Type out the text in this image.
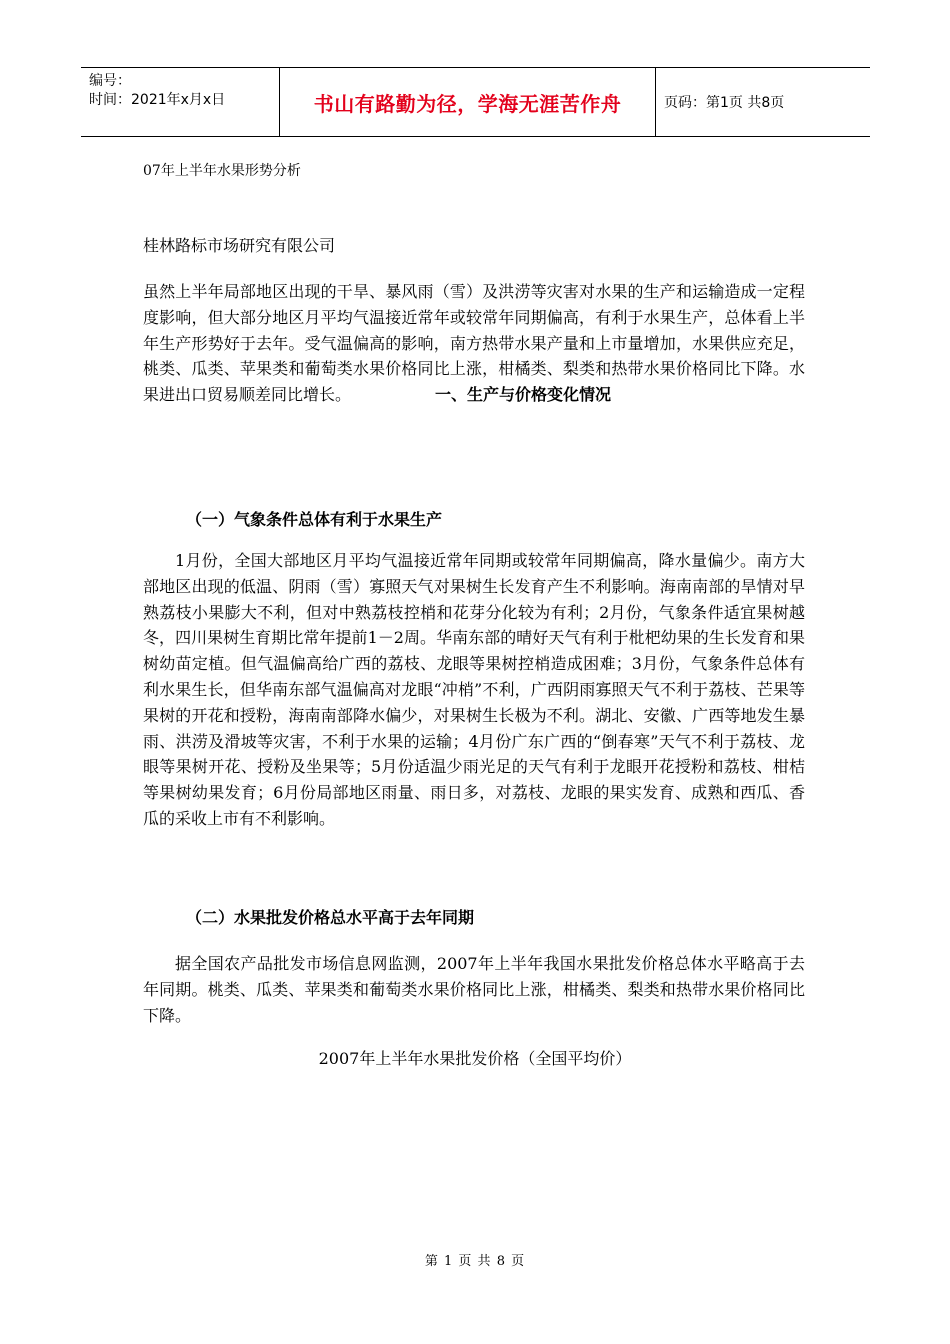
编号：
时间：2021年x月x日	书山有路勤为径，学海无涯苦作舟	页码：第1页 共8页
07年上半年水果形势分析
桂林路标市场研究有限公司

虽然上半年局部地区出现的干旱、暴风雨（雪）及洪涝等灾害对水果的生产和运输造成一定程度影响，但大部分地区月平均气温接近常年或较常年同期偏高，有利于水果生产，总体看上半年生产形势好于去年。受气温偏高的影响，南方热带水果产量和上市量增加，水果供应充足，桃类、瓜类、苹果类和葡萄类水果价格同比上涨，柑橘类、梨类和热带水果价格同比下降。水果进出口贸易顺差同比增长。	一、生产与价格变化情况

（一）气象条件总体有利于水果生产

1月份，全国大部地区月平均气温接近常年同期或较常年同期偏高，降水量偏少。南方大部地区出现的低温、阴雨（雪）寡照天气对果树生长发育产生不利影响。海南南部的旱情对早熟荔枝小果膨大不利，但对中熟荔枝控梢和花芽分化较为有利；2月份，气象条件适宜果树越冬，四川果树生育期比常年提前1－2周。华南东部的晴好天气有利于枇杷幼果的生长发育和果树幼苗定植。但气温偏高给广西的荔枝、龙眼等果树控梢造成困难；3月份，气象条件总体有利水果生长，但华南东部气温偏高对龙眼“冲梢”不利，广西阴雨寡照天气不利于荔枝、芒果等果树的开花和授粉，海南南部降水偏少，对果树生长极为不利。湖北、安徽、广西等地发生暴雨、洪涝及滑坡等灾害，不利于水果的运输；4月份广东广西的“倒春寒”天气不利于荔枝、龙眼等果树开花、授粉及坐果等；5月份适温少雨光足的天气有利于龙眼开花授粉和荔枝、柑桔等果树幼果发育；6月份局部地区雨量、雨日多，对荔枝、龙眼的果实发育、成熟和西瓜、香瓜的采收上市有不利影响。

（二）水果批发价格总水平高于去年同期

据全国农产品批发市场信息网监测，2007年上半年我国水果批发价格总体水平略高于去年同期。桃类、瓜类、苹果类和葡萄类水果价格同比上涨，柑橘类、梨类和热带水果价格同比下降。

2007年上半年水果批发价格（全国平均价）
第 1 页 共 8 页
